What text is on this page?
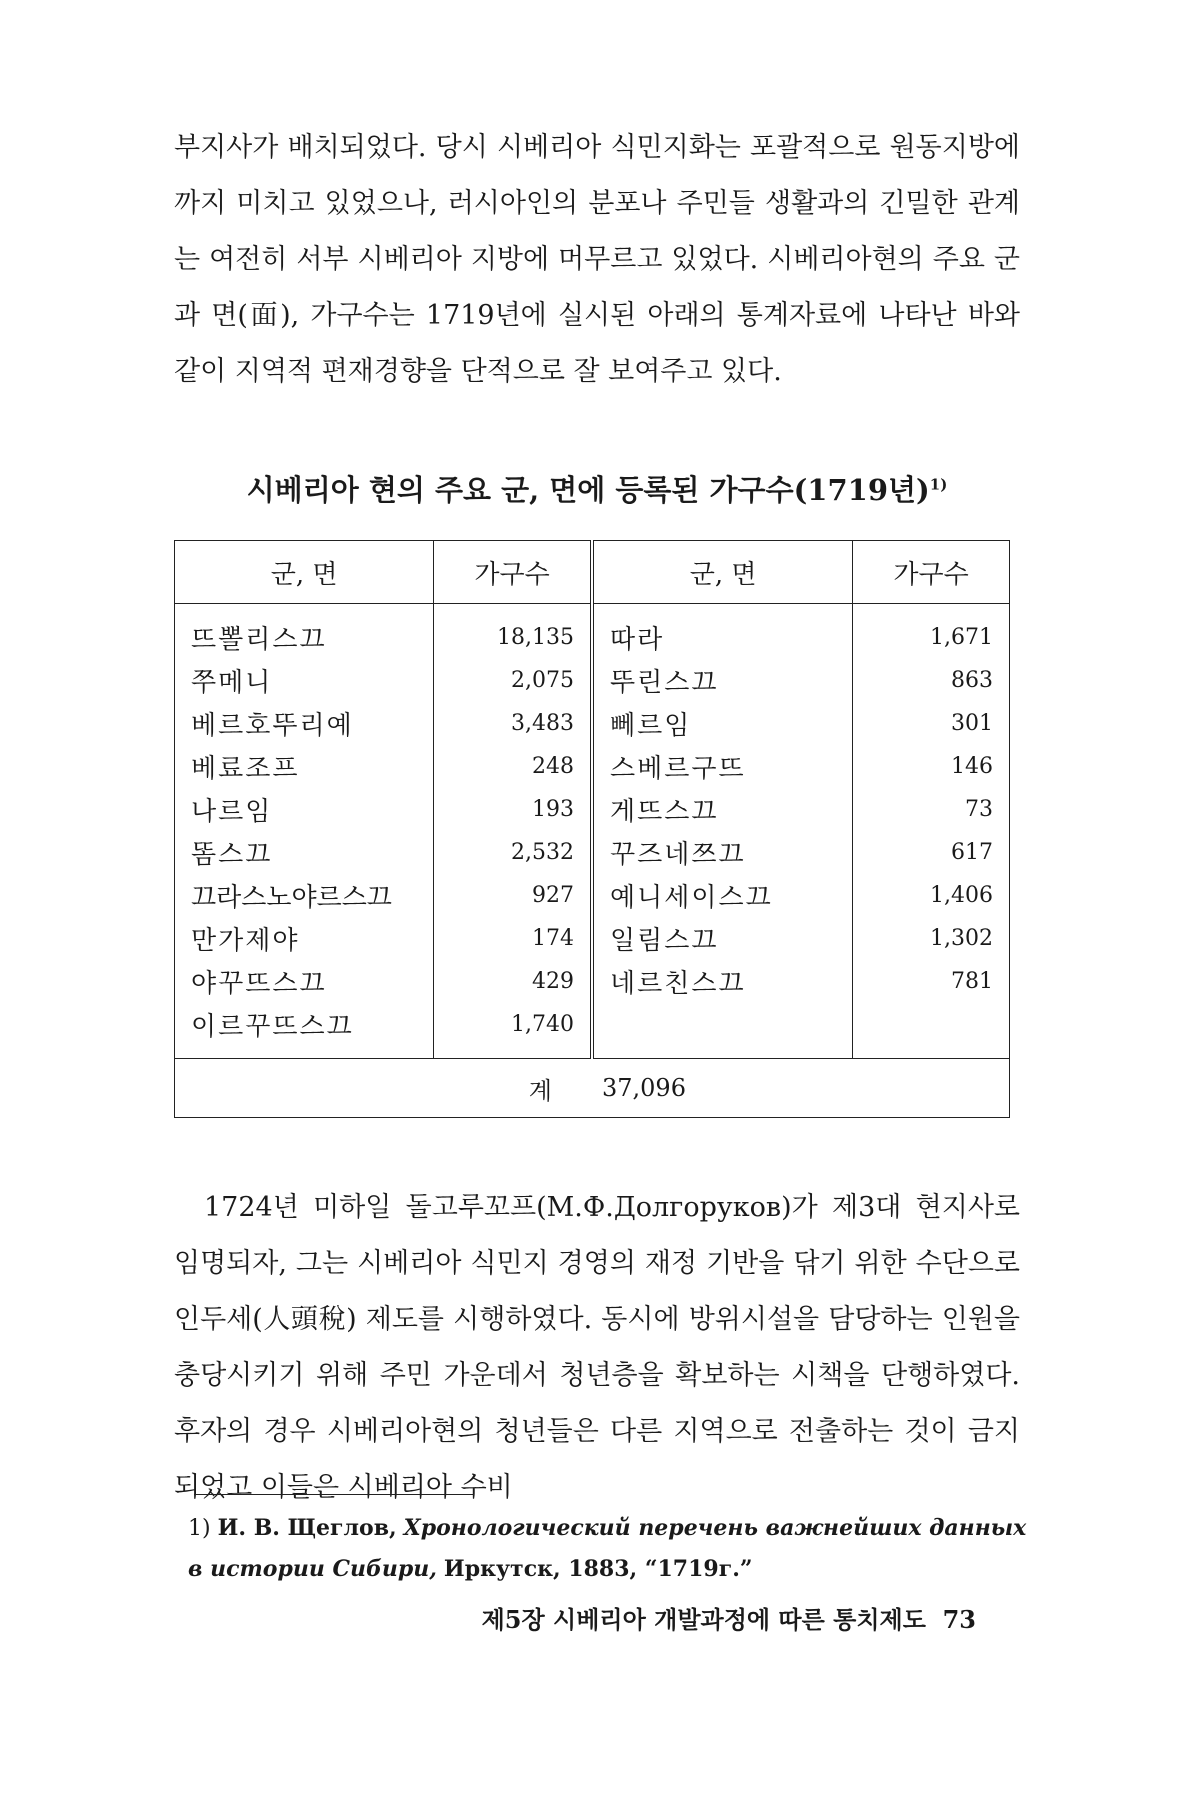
부지사가 배치되었다. 당시 시베리아 식민지화는 포괄적으로 원동지방에까지 미치고 있었으나, 러시아인의 분포나 주민들 생활과의 긴밀한 관계는 여전히 서부 시베리아 지방에 머무르고 있었다. 시베리아현의 주요 군과 면(面), 가구수는 1719년에 실시된 아래의 통계자료에 나타난 바와 같이 지역적 편재경향을 단적으로 잘 보여주고 있다.

시베리아 현의 주요 군, 면에 등록된 가구수(1719년)$^{1)}$

군, 면	가구수	군, 면	가구수
뜨뽈리스끄	18,135	따라	1,671
쭈메니	2,075	뚜린스끄	863
베르호뚜리예	3,483	뻬르임	301
베료조프	248	스베르구뜨	146
나르임	193	게뜨스끄	73
똠스끄	2,532	꾸즈네쯔끄	617
끄라스노야르스끄	927	예니세이스끄	1,406
만가제야	174	일림스끄	1,302
야꾸뜨스끄	429	네르친스끄	781
이르꾸뜨스끄	1,740		
계		37,096	

1724년 미하일 돌고루꼬프(M.Ф.Долгоруков)가 제3대 현지사로 임명되자, 그는 시베리아 식민지 경영의 재정 기반을 닦기 위한 수단으로 인두세(人頭稅) 제도를 시행하였다. 동시에 방위시설을 담당하는 인원을 충당시키기 위해 주민 가운데서 청년층을 확보하는 시책을 단행하였다. 후자의 경우 시베리아현의 청년들은 다른 지역으로 전출하는 것이 금지되었고 이들은 시베리아 수비

1) И. В. Щеглов, Хронологический перечень важнейших данных в истории Сибири, Иркутск, 1883, “1719г.”

제5장 시베리아 개발과정에 따른 통치제도 73
